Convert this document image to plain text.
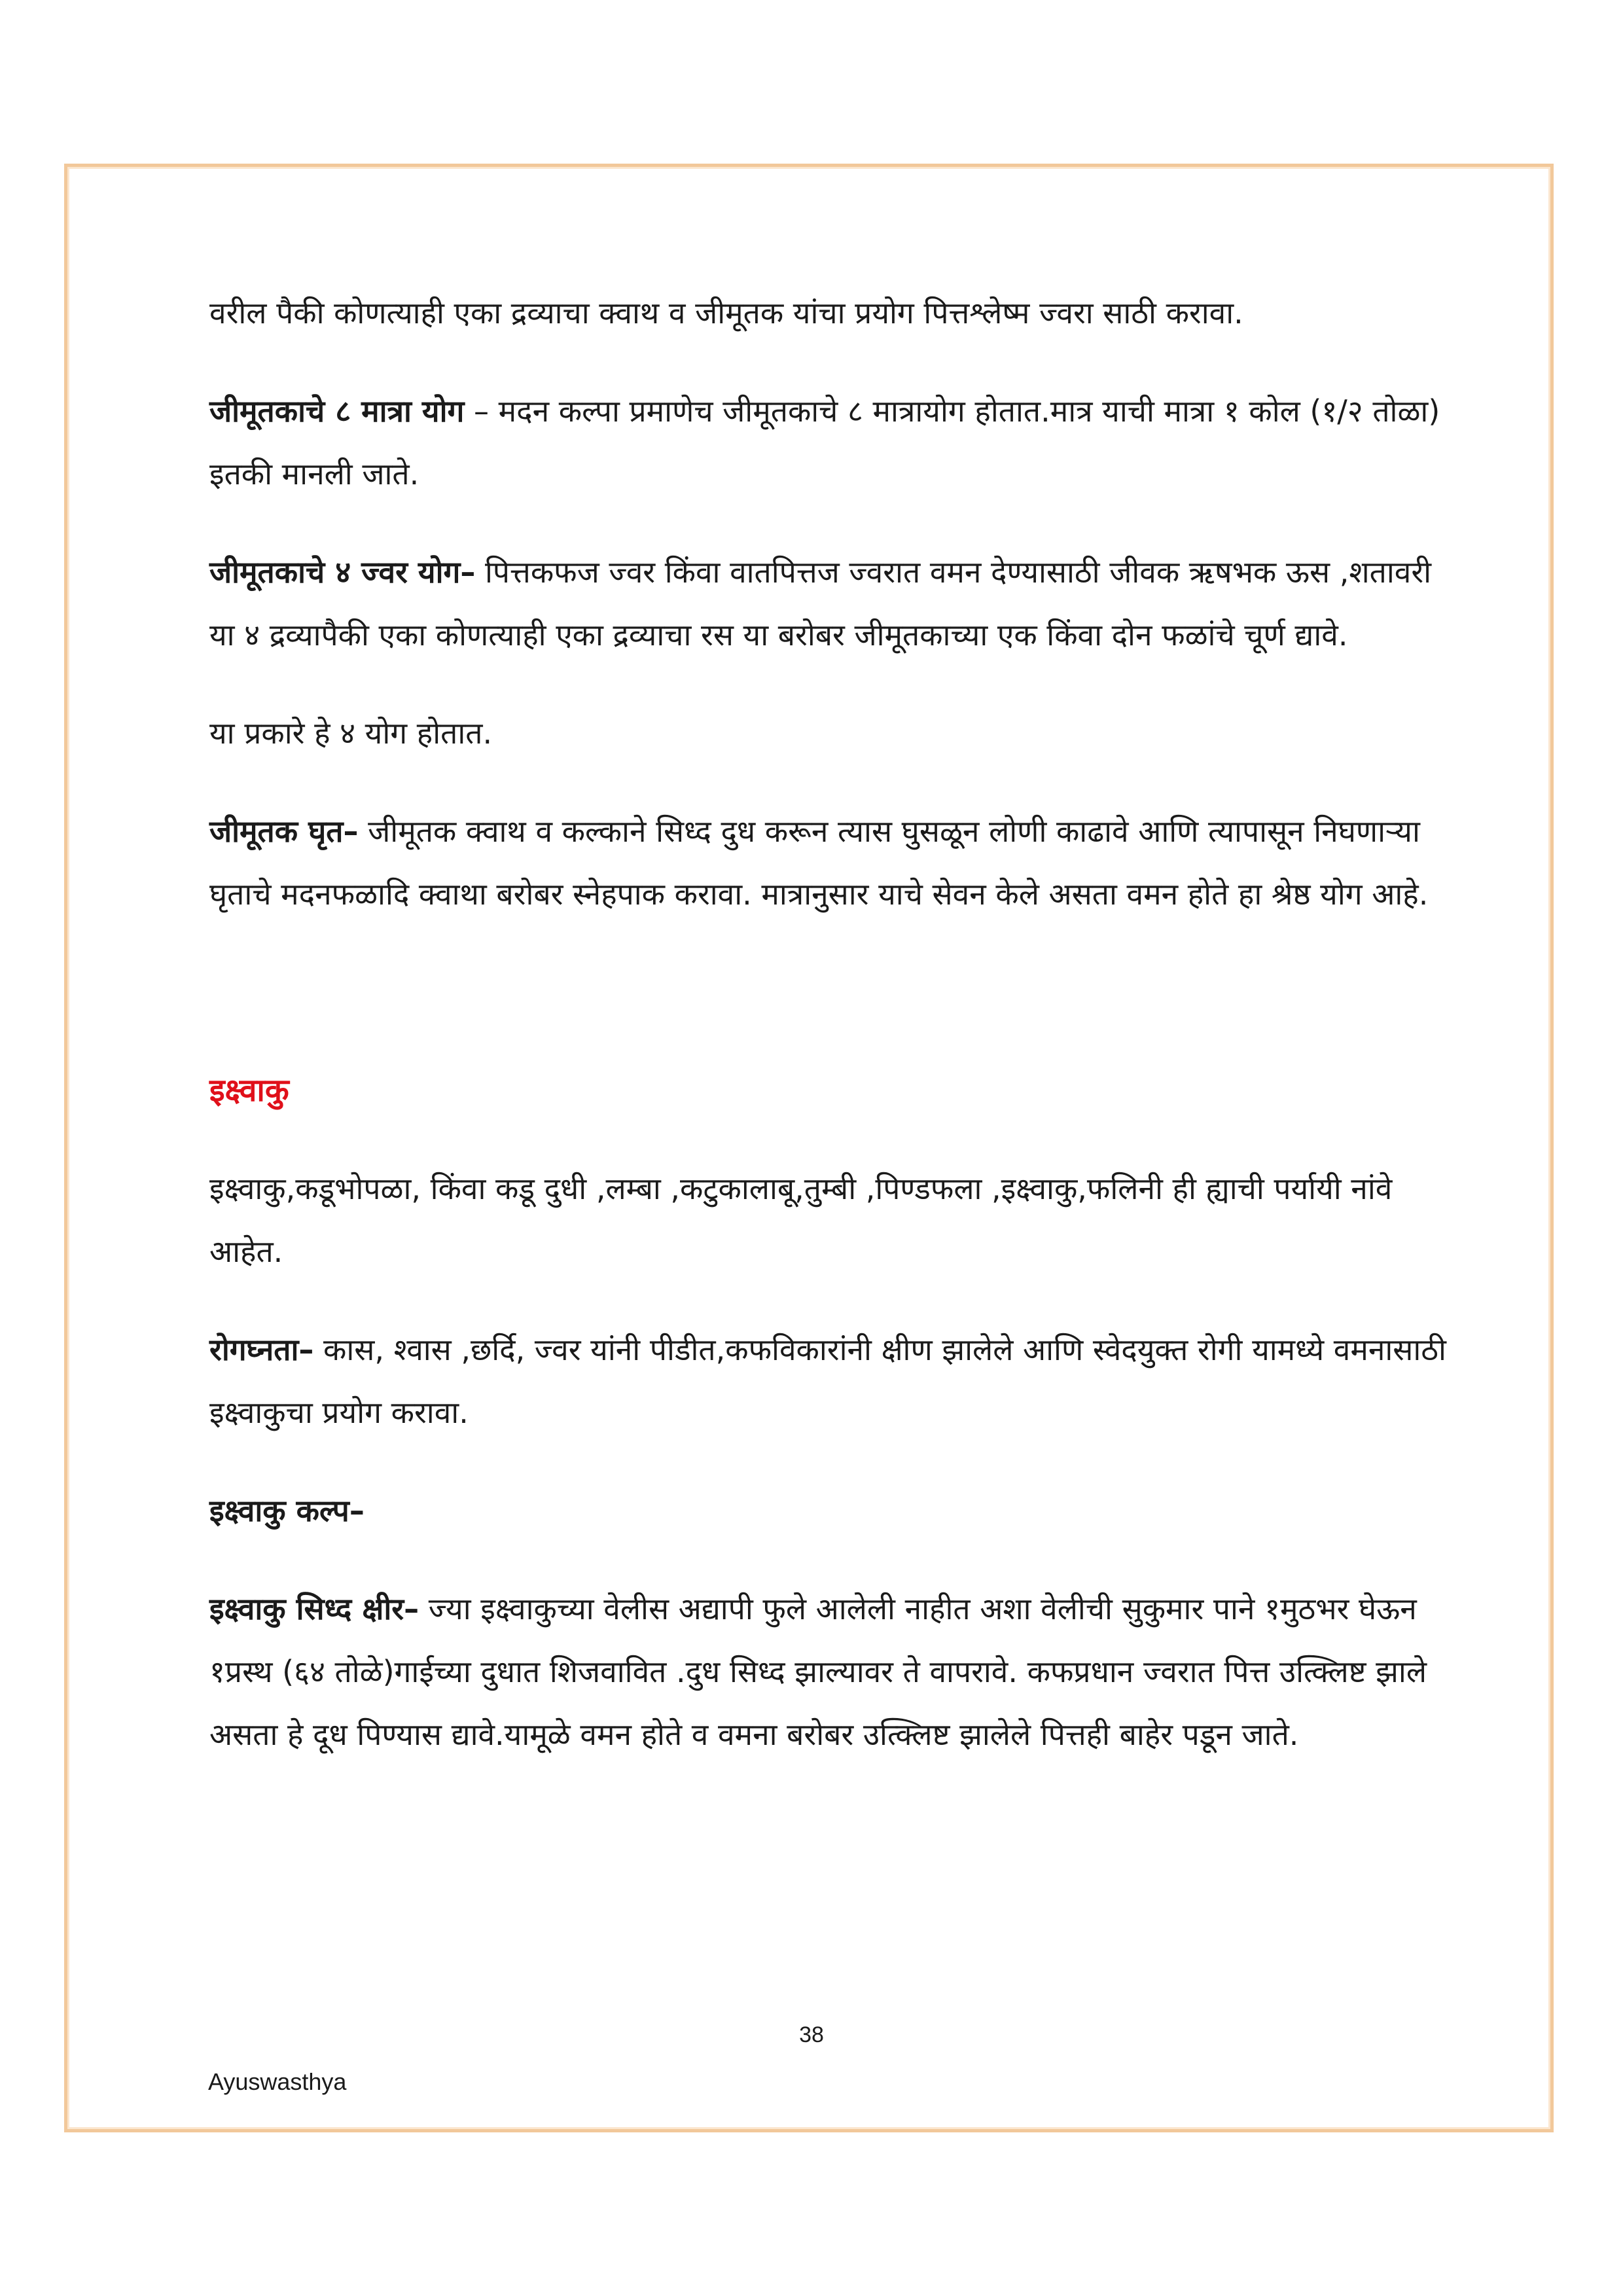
वरील पैकी कोणत्याही एका द्रव्याचा क्वाथ व जीमूतक यांचा प्रयोग पित्तश्लेष्म ज्वरा साठी करावा.

जीमूतकाचे ८ मात्रा योग – मदन कल्पा प्रमाणेच जीमूतकाचे ८ मात्रायोग होतात.मात्र याची मात्रा १ कोल (१/२ तोळा) इतकी मानली जाते.

जीमूतकाचे ४ ज्वर योग– पित्तकफज ज्वर किंवा वातपित्तज ज्वरात वमन देण्यासाठी जीवक ऋषभक ऊस ,शतावरी या ४ द्रव्यापैकी एका कोणत्याही एका द्रव्याचा रस या बरोबर जीमूतकाच्या एक किंवा दोन फळांचे चूर्ण द्यावे.

या प्रकारे हे ४ योग होतात.

जीमूतक घृत– जीमूतक क्वाथ व कल्काने सिध्द दुध करून त्यास घुसळून लोणी काढावे आणि त्यापासून निघणाऱ्या घृताचे मदनफळादि क्वाथा बरोबर स्नेहपाक करावा. मात्रानुसार याचे सेवन केले असता वमन होते हा श्रेष्ठ योग आहे.

इक्ष्वाकु

इक्ष्वाकु,कडूभोपळा, किंवा कडू दुधी ,लम्बा ,कटुकालाबू,तुम्बी ,पिण्डफला ,इक्ष्वाकु,फलिनी ही ह्याची पर्यायी नांवे आहेत.

रोगघ्नता– कास, श्वास ,छर्दि, ज्वर यांनी पीडीत,कफविकारांनी क्षीण झालेले आणि स्वेदयुक्त रोगी यामध्ये वमनासाठी इक्ष्वाकुचा प्रयोग करावा.

इक्ष्वाकु कल्प–

इक्ष्वाकु सिध्द क्षीर– ज्या इक्ष्वाकुच्या वेलीस अद्यापी फुले आलेली नाहीत अशा वेलीची सुकुमार पाने १मुठभर घेऊन १प्रस्थ (६४ तोळे)गाईच्या दुधात शिजवावित .दुध सिध्द झाल्यावर ते वापरावे. कफप्रधान ज्वरात पित्त उत्क्लिष्ट झाले असता हे दूध पिण्यास द्यावे.यामूळे वमन होते व वमना बरोबर उत्क्लिष्ट झालेले पित्तही बाहेर पडून जाते.

38
Ayuswasthya
